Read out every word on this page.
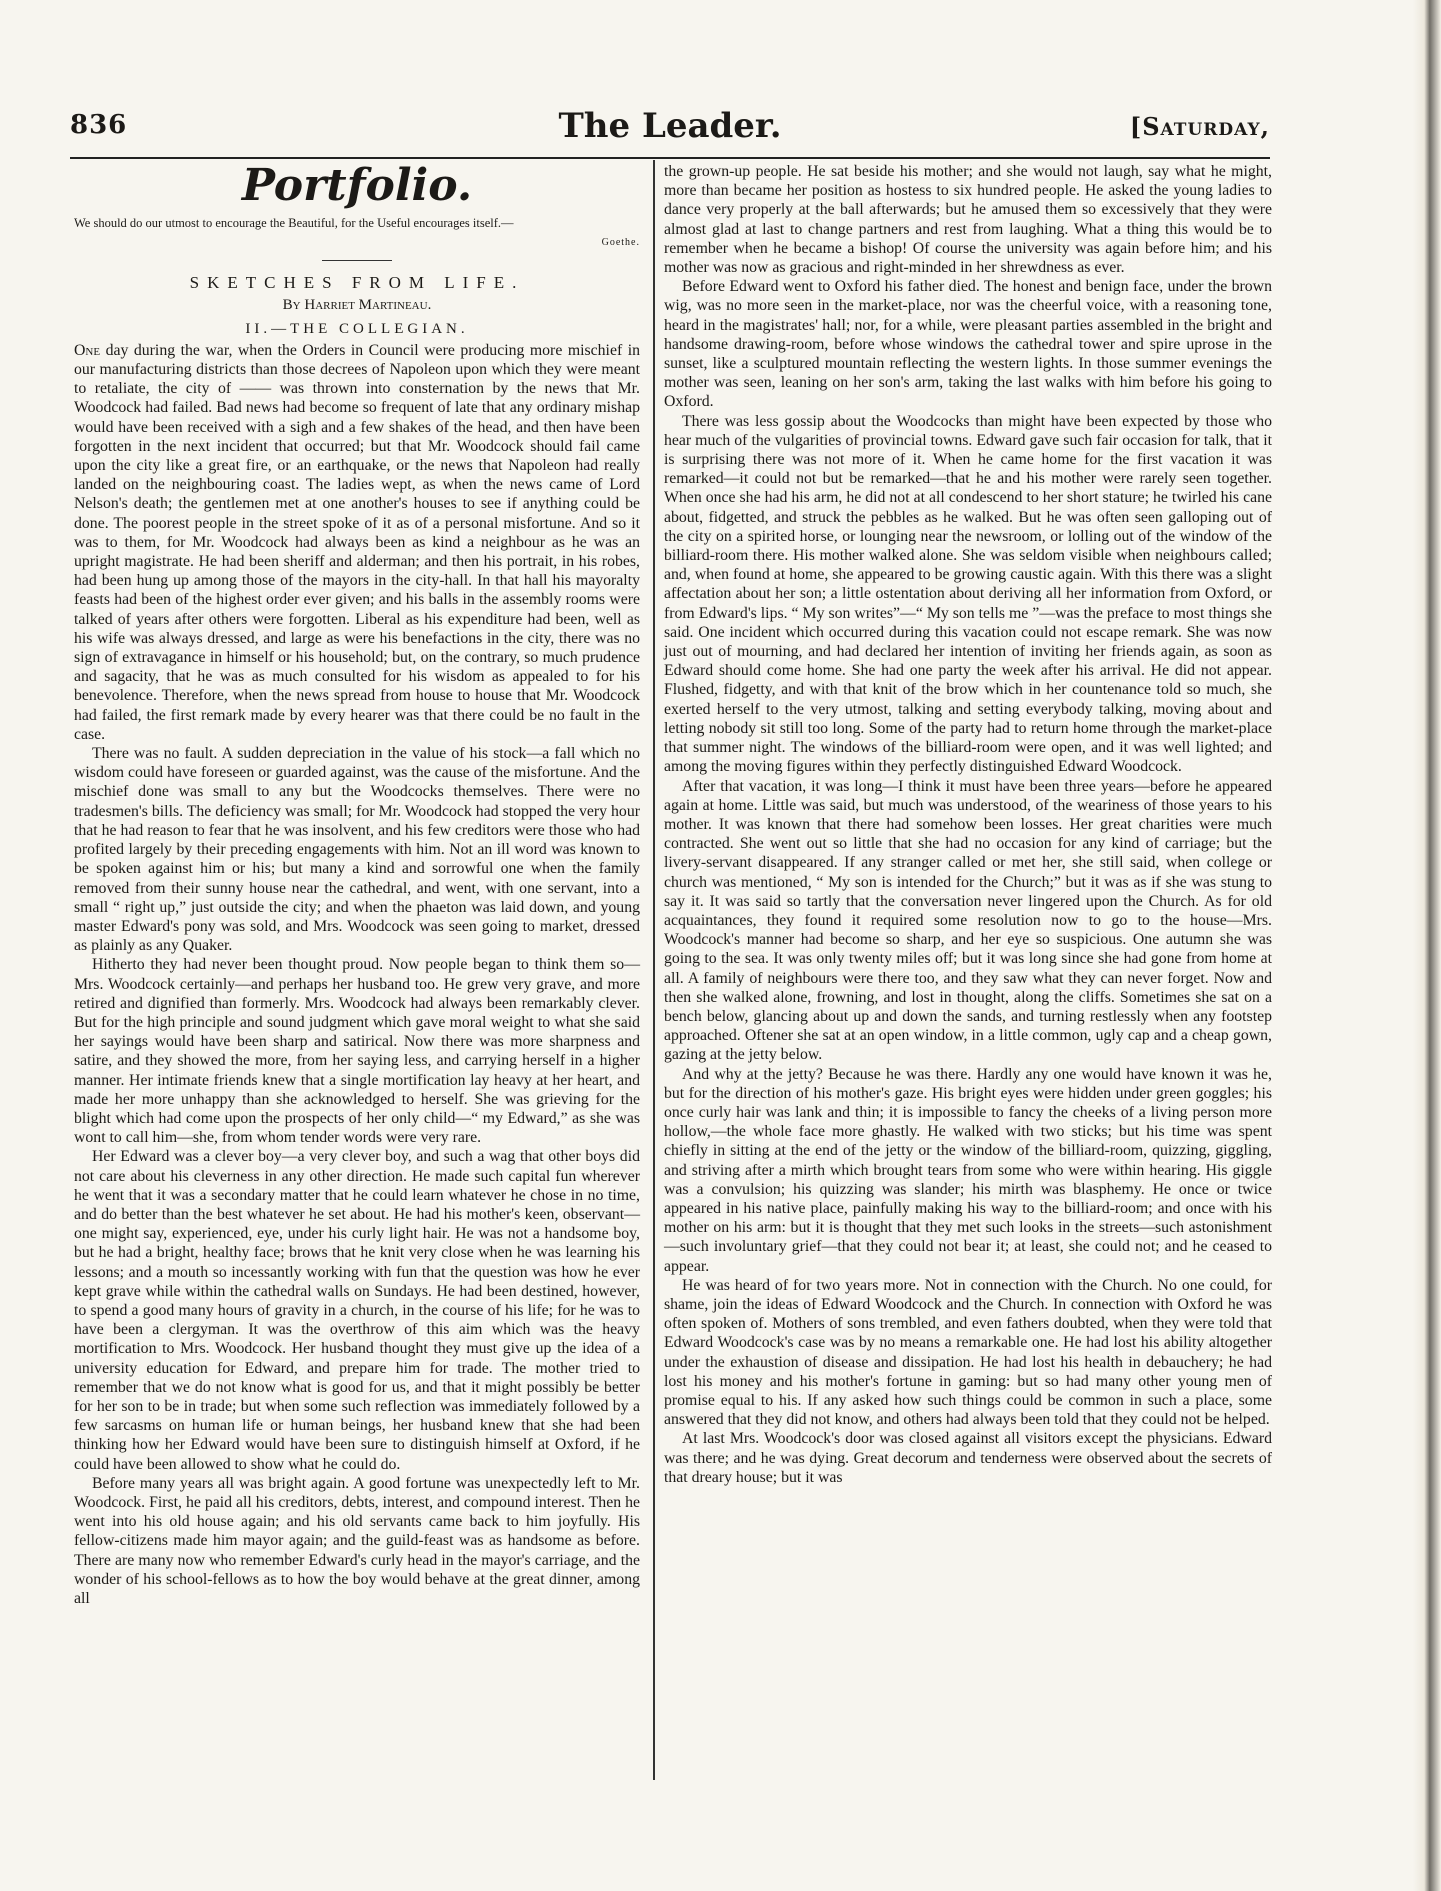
836	The Leader.	[Saturday,
Portfolio.
We should do our utmost to encourage the Beautiful, for the Useful encourages itself.—
Goethe.
SKETCHES FROM LIFE.
By Harriet Martineau.
II.—THE COLLEGIAN.

One day during the war, when the Orders in Council were producing more mischief in our manufacturing districts than those decrees of Napoleon upon which they were meant to retaliate, the city of —— was thrown into consternation by the news that Mr. Woodcock had failed. Bad news had become so frequent of late that any ordinary mishap would have been received with a sigh and a few shakes of the head, and then have been forgotten in the next incident that occurred; but that Mr. Woodcock should fail came upon the city like a great fire, or an earthquake, or the news that Napoleon had really landed on the neighbouring coast. The ladies wept, as when the news came of Lord Nelson's death; the gentlemen met at one another's houses to see if anything could be done. The poorest people in the street spoke of it as of a personal misfortune. And so it was to them, for Mr. Woodcock had always been as kind a neighbour as he was an upright magistrate. He had been sheriff and alderman; and then his portrait, in his robes, had been hung up among those of the mayors in the city-hall. In that hall his mayoralty feasts had been of the highest order ever given; and his balls in the assembly rooms were talked of years after others were forgotten. Liberal as his expenditure had been, well as his wife was always dressed, and large as were his benefactions in the city, there was no sign of extravagance in himself or his household; but, on the contrary, so much prudence and sagacity, that he was as much consulted for his wisdom as appealed to for his benevolence. Therefore, when the news spread from house to house that Mr. Woodcock had failed, the first remark made by every hearer was that there could be no fault in the case.

There was no fault. A sudden depreciation in the value of his stock—a fall which no wisdom could have foreseen or guarded against, was the cause of the misfortune. And the mischief done was small to any but the Woodcocks themselves. There were no tradesmen's bills. The deficiency was small; for Mr. Woodcock had stopped the very hour that he had reason to fear that he was insolvent, and his few creditors were those who had profited largely by their preceding engagements with him. Not an ill word was known to be spoken against him or his; but many a kind and sorrowful one when the family removed from their sunny house near the cathedral, and went, with one servant, into a small “ right up,” just outside the city; and when the phaeton was laid down, and young master Edward's pony was sold, and Mrs. Woodcock was seen going to market, dressed as plainly as any Quaker.

Hitherto they had never been thought proud. Now people began to think them so—Mrs. Woodcock certainly—and perhaps her husband too. He grew very grave, and more retired and dignified than formerly. Mrs. Woodcock had always been remarkably clever. But for the high principle and sound judgment which gave moral weight to what she said her sayings would have been sharp and satirical. Now there was more sharpness and satire, and they showed the more, from her saying less, and carrying herself in a higher manner. Her intimate friends knew that a single mortification lay heavy at her heart, and made her more unhappy than she acknowledged to herself. She was grieving for the blight which had come upon the prospects of her only child—“ my Edward,” as she was wont to call him—she, from whom tender words were very rare.

Her Edward was a clever boy—a very clever boy, and such a wag that other boys did not care about his cleverness in any other direction. He made such capital fun wherever he went that it was a secondary matter that he could learn whatever he chose in no time, and do better than the best whatever he set about. He had his mother's keen, observant—one might say, experienced, eye, under his curly light hair. He was not a handsome boy, but he had a bright, healthy face; brows that he knit very close when he was learning his lessons; and a mouth so incessantly working with fun that the question was how he ever kept grave while within the cathedral walls on Sundays. He had been destined, however, to spend a good many hours of gravity in a church, in the course of his life; for he was to have been a clergyman. It was the overthrow of this aim which was the heavy mortification to Mrs. Woodcock. Her husband thought they must give up the idea of a university education for Edward, and prepare him for trade. The mother tried to remember that we do not know what is good for us, and that it might possibly be better for her son to be in trade; but when some such reflection was immediately followed by a few sarcasms on human life or human beings, her husband knew that she had been thinking how her Edward would have been sure to distinguish himself at Oxford, if he could have been allowed to show what he could do.

Before many years all was bright again. A good fortune was unexpectedly left to Mr. Woodcock. First, he paid all his creditors, debts, interest, and compound interest. Then he went into his old house again; and his old servants came back to him joyfully. His fellow-citizens made him mayor again; and the guild-feast was as handsome as before. There are many now who remember Edward's curly head in the mayor's carriage, and the wonder of his school-fellows as to how the boy would behave at the great dinner, among all

the grown-up people. He sat beside his mother; and she would not laugh, say what he might, more than became her position as hostess to six hundred people. He asked the young ladies to dance very properly at the ball afterwards; but he amused them so excessively that they were almost glad at last to change partners and rest from laughing. What a thing this would be to remember when he became a bishop! Of course the university was again before him; and his mother was now as gracious and right-minded in her shrewdness as ever.

Before Edward went to Oxford his father died. The honest and benign face, under the brown wig, was no more seen in the market-place, nor was the cheerful voice, with a reasoning tone, heard in the magistrates' hall; nor, for a while, were pleasant parties assembled in the bright and handsome drawing-room, before whose windows the cathedral tower and spire uprose in the sunset, like a sculptured mountain reflecting the western lights. In those summer evenings the mother was seen, leaning on her son's arm, taking the last walks with him before his going to Oxford.

There was less gossip about the Woodcocks than might have been expected by those who hear much of the vulgarities of provincial towns. Edward gave such fair occasion for talk, that it is surprising there was not more of it. When he came home for the first vacation it was remarked—it could not but be remarked—that he and his mother were rarely seen together. When once she had his arm, he did not at all condescend to her short stature; he twirled his cane about, fidgetted, and struck the pebbles as he walked. But he was often seen galloping out of the city on a spirited horse, or lounging near the newsroom, or lolling out of the window of the billiard-room there. His mother walked alone. She was seldom visible when neighbours called; and, when found at home, she appeared to be growing caustic again. With this there was a slight affectation about her son; a little ostentation about deriving all her information from Oxford, or from Edward's lips. “ My son writes”—“ My son tells me ”—was the preface to most things she said. One incident which occurred during this vacation could not escape remark. She was now just out of mourning, and had declared her intention of inviting her friends again, as soon as Edward should come home. She had one party the week after his arrival. He did not appear. Flushed, fidgetty, and with that knit of the brow which in her countenance told so much, she exerted herself to the very utmost, talking and setting everybody talking, moving about and letting nobody sit still too long. Some of the party had to return home through the market-place that summer night. The windows of the billiard-room were open, and it was well lighted; and among the moving figures within they perfectly distinguished Edward Woodcock.

After that vacation, it was long—I think it must have been three years—before he appeared again at home. Little was said, but much was understood, of the weariness of those years to his mother. It was known that there had somehow been losses. Her great charities were much contracted. She went out so little that she had no occasion for any kind of carriage; but the livery-servant disappeared. If any stranger called or met her, she still said, when college or church was mentioned, “ My son is intended for the Church;” but it was as if she was stung to say it. It was said so tartly that the conversation never lingered upon the Church. As for old acquaintances, they found it required some resolution now to go to the house—Mrs. Woodcock's manner had become so sharp, and her eye so suspicious. One autumn she was going to the sea. It was only twenty miles off; but it was long since she had gone from home at all. A family of neighbours were there too, and they saw what they can never forget. Now and then she walked alone, frowning, and lost in thought, along the cliffs. Sometimes she sat on a bench below, glancing about up and down the sands, and turning restlessly when any footstep approached. Oftener she sat at an open window, in a little common, ugly cap and a cheap gown, gazing at the jetty below.

And why at the jetty? Because he was there. Hardly any one would have known it was he, but for the direction of his mother's gaze. His bright eyes were hidden under green goggles; his once curly hair was lank and thin; it is impossible to fancy the cheeks of a living person more hollow,—the whole face more ghastly. He walked with two sticks; but his time was spent chiefly in sitting at the end of the jetty or the window of the billiard-room, quizzing, giggling, and striving after a mirth which brought tears from some who were within hearing. His giggle was a convulsion; his quizzing was slander; his mirth was blasphemy. He once or twice appeared in his native place, painfully making his way to the billiard-room; and once with his mother on his arm: but it is thought that they met such looks in the streets—such astonishment—such involuntary grief—that they could not bear it; at least, she could not; and he ceased to appear.

He was heard of for two years more. Not in connection with the Church. No one could, for shame, join the ideas of Edward Woodcock and the Church. In connection with Oxford he was often spoken of. Mothers of sons trembled, and even fathers doubted, when they were told that Edward Woodcock's case was by no means a remarkable one. He had lost his ability altogether under the exhaustion of disease and dissipation. He had lost his health in debauchery; he had lost his money and his mother's fortune in gaming: but so had many other young men of promise equal to his. If any asked how such things could be common in such a place, some answered that they did not know, and others had always been told that they could not be helped.

At last Mrs. Woodcock's door was closed against all visitors except the physicians. Edward was there; and he was dying. Great decorum and tenderness were observed about the secrets of that dreary house; but it was
